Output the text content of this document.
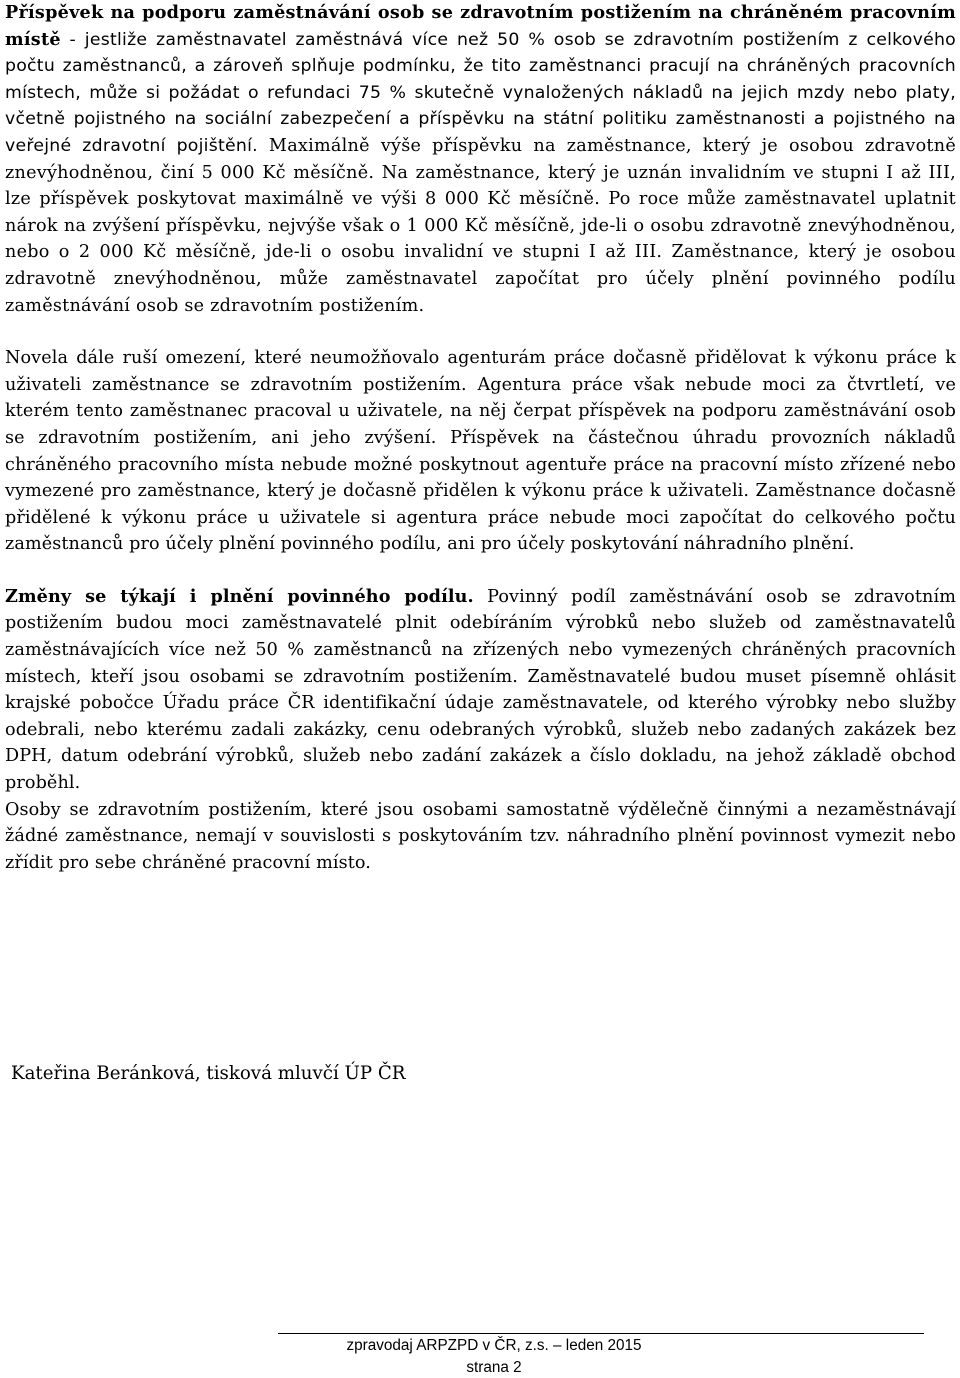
Příspěvek na podporu zaměstnávání osob se zdravotním postižením na chráněném pracovním místě - jestliže zaměstnavatel zaměstnává více než 50 % osob se zdravotním postižením z celkového počtu zaměstnanců, a zároveň splňuje podmínku, že tito zaměstnanci pracují na chráněných pracovních místech, může si požádat o refundaci 75 % skutečně vynaložených nákladů na jejich mzdy nebo platy, včetně pojistného na sociální zabezpečení a příspěvku na státní politiku zaměstnanosti a pojistného na veřejné zdravotní pojištění. Maximálně výše příspěvku na zaměstnance, který je osobou zdravotně znevýhodněnou, činí 5 000 Kč měsíčně. Na zaměstnance, který je uznán invalidním ve stupni I až III, lze příspěvek poskytovat maximálně ve výši 8 000 Kč měsíčně. Po roce může zaměstnavatel uplatnit nárok na zvýšení příspěvku, nejvýše však o 1 000 Kč měsíčně, jde-li o osobu zdravotně znevýhodněnou, nebo o 2 000 Kč měsíčně, jde-li o osobu invalidní ve stupni I až III. Zaměstnance, který je osobou zdravotně znevýhodněnou, může zaměstnavatel započítat pro účely plnění povinného podílu zaměstnávání osob se zdravotním postižením.

Novela dále ruší omezení, které neumožňovalo agenturám práce dočasně přidělovat k výkonu práce k uživateli zaměstnance se zdravotním postižením. Agentura práce však nebude moci za čtvrtletí, ve kterém tento zaměstnanec pracoval u uživatele, na něj čerpat příspěvek na podporu zaměstnávání osob se zdravotním postižením, ani jeho zvýšení. Příspěvek na částečnou úhradu provozních nákladů chráněného pracovního místa nebude možné poskytnout agentuře práce na pracovní místo zřízené nebo vymezené pro zaměstnance, který je dočasně přidělen k výkonu práce k uživateli. Zaměstnance dočasně přidělené k výkonu práce u uživatele si agentura práce nebude moci započítat do celkového počtu zaměstnanců pro účely plnění povinného podílu, ani pro účely poskytování náhradního plnění.

Změny se týkají i plnění povinného podílu. Povinný podíl zaměstnávání osob se zdravotním postižením budou moci zaměstnavatelé plnit odebíráním výrobků nebo služeb od zaměstnavatelů zaměstnávajících více než 50 % zaměstnanců na zřízených nebo vymezených chráněných pracovních místech, kteří jsou osobami se zdravotním postižením. Zaměstnavatelé budou muset písemně ohlásit krajské pobočce Úřadu práce ČR identifikační údaje zaměstnavatele, od kterého výrobky nebo služby odebrali, nebo kterému zadali zakázky, cenu odebraných výrobků, služeb nebo zadaných zakázek bez DPH, datum odebrání výrobků, služeb nebo zadání zakázek a číslo dokladu, na jehož základě obchod proběhl.

Osoby se zdravotním postižením, které jsou osobami samostatně výdělečně činnými a nezaměstnávají žádné zaměstnance, nemají v souvislosti s poskytováním tzv. náhradního plnění povinnost vymezit nebo zřídit pro sebe chráněné pracovní místo.

Kateřina Beránková, tisková mluvčí ÚP ČR
zpravodaj ARPZPD v ČR, z.s. – leden 2015
strana 2
